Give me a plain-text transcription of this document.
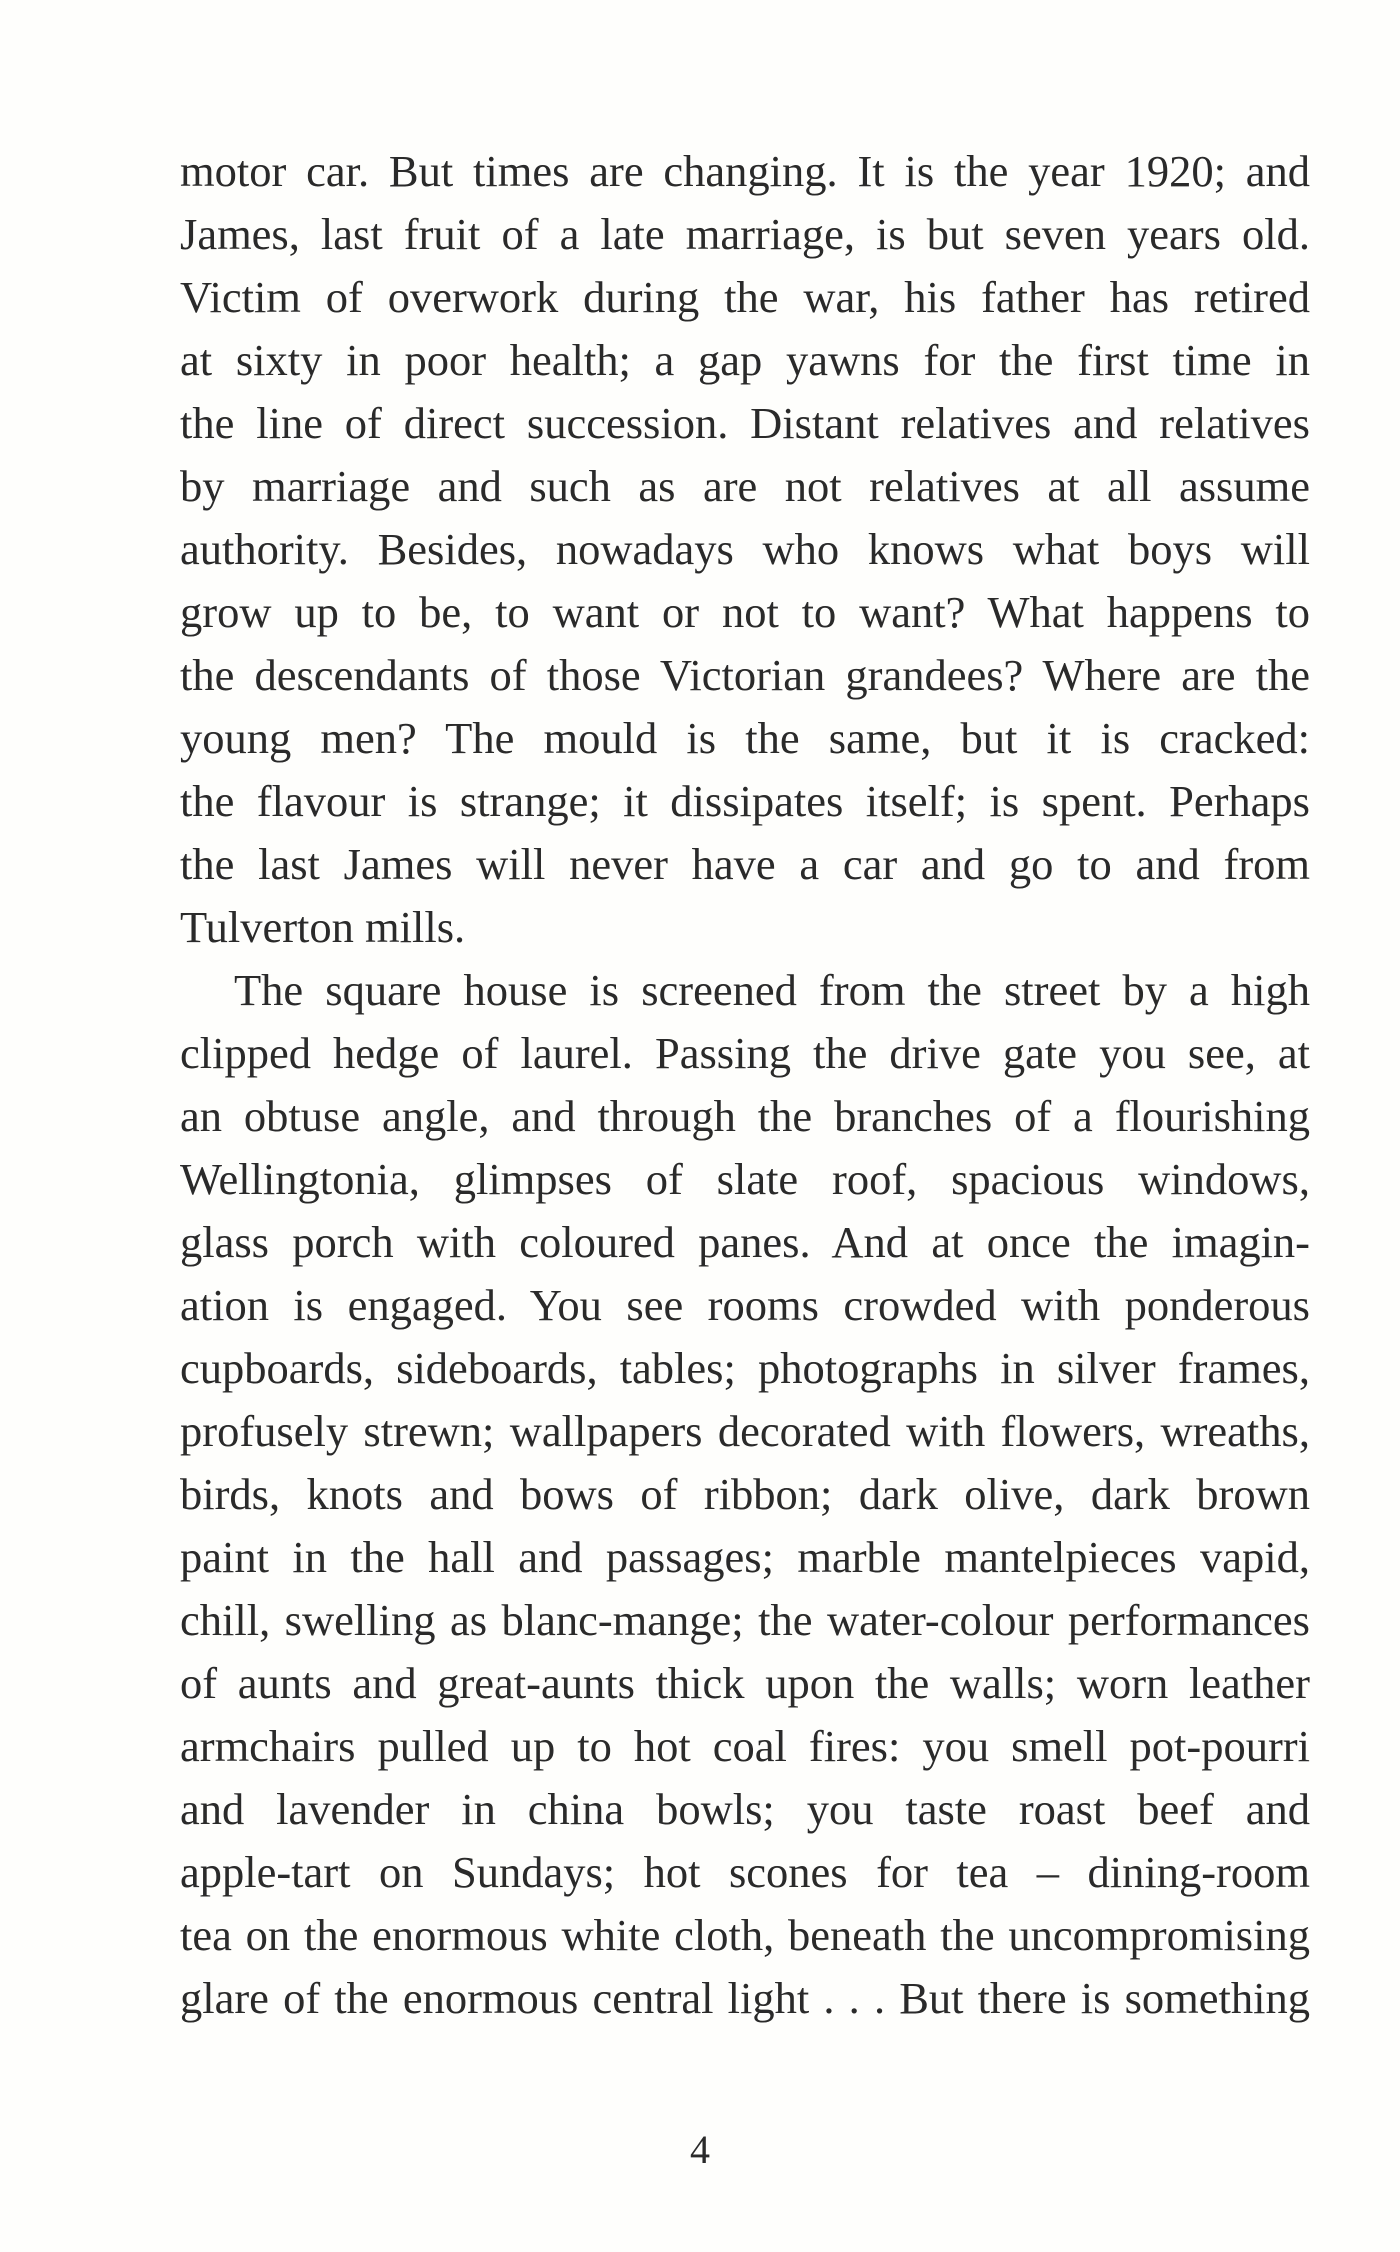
motor car. But times are changing. It is the year 1920; and
James, last fruit of a late marriage, is but seven years old.
Victim of overwork during the war, his father has retired
at sixty in poor health; a gap yawns for the first time in
the line of direct succession. Distant relatives and relatives
by marriage and such as are not relatives at all assume
authority. Besides, nowadays who knows what boys will
grow up to be, to want or not to want? What happens to
the descendants of those Victorian grandees? Where are the
young men? The mould is the same, but it is cracked:
the flavour is strange; it dissipates itself; is spent. Perhaps
the last James will never have a car and go to and from
Tulverton mills.
The square house is screened from the street by a high
clipped hedge of laurel. Passing the drive gate you see, at
an obtuse angle, and through the branches of a flourishing
Wellingtonia, glimpses of slate roof, spacious windows,
glass porch with coloured panes. And at once the imagin-
ation is engaged. You see rooms crowded with ponderous
cupboards, sideboards, tables; photographs in silver frames,
profusely strewn; wallpapers decorated with flowers, wreaths,
birds, knots and bows of ribbon; dark olive, dark brown
paint in the hall and passages; marble mantelpieces vapid,
chill, swelling as blanc-mange; the water-colour performances
of aunts and great-aunts thick upon the walls; worn leather
armchairs pulled up to hot coal fires: you smell pot-pourri
and lavender in china bowls; you taste roast beef and
apple-tart on Sundays; hot scones for tea – dining-room
tea on the enormous white cloth, beneath the uncompromising
glare of the enormous central light . . . But there is something
4
